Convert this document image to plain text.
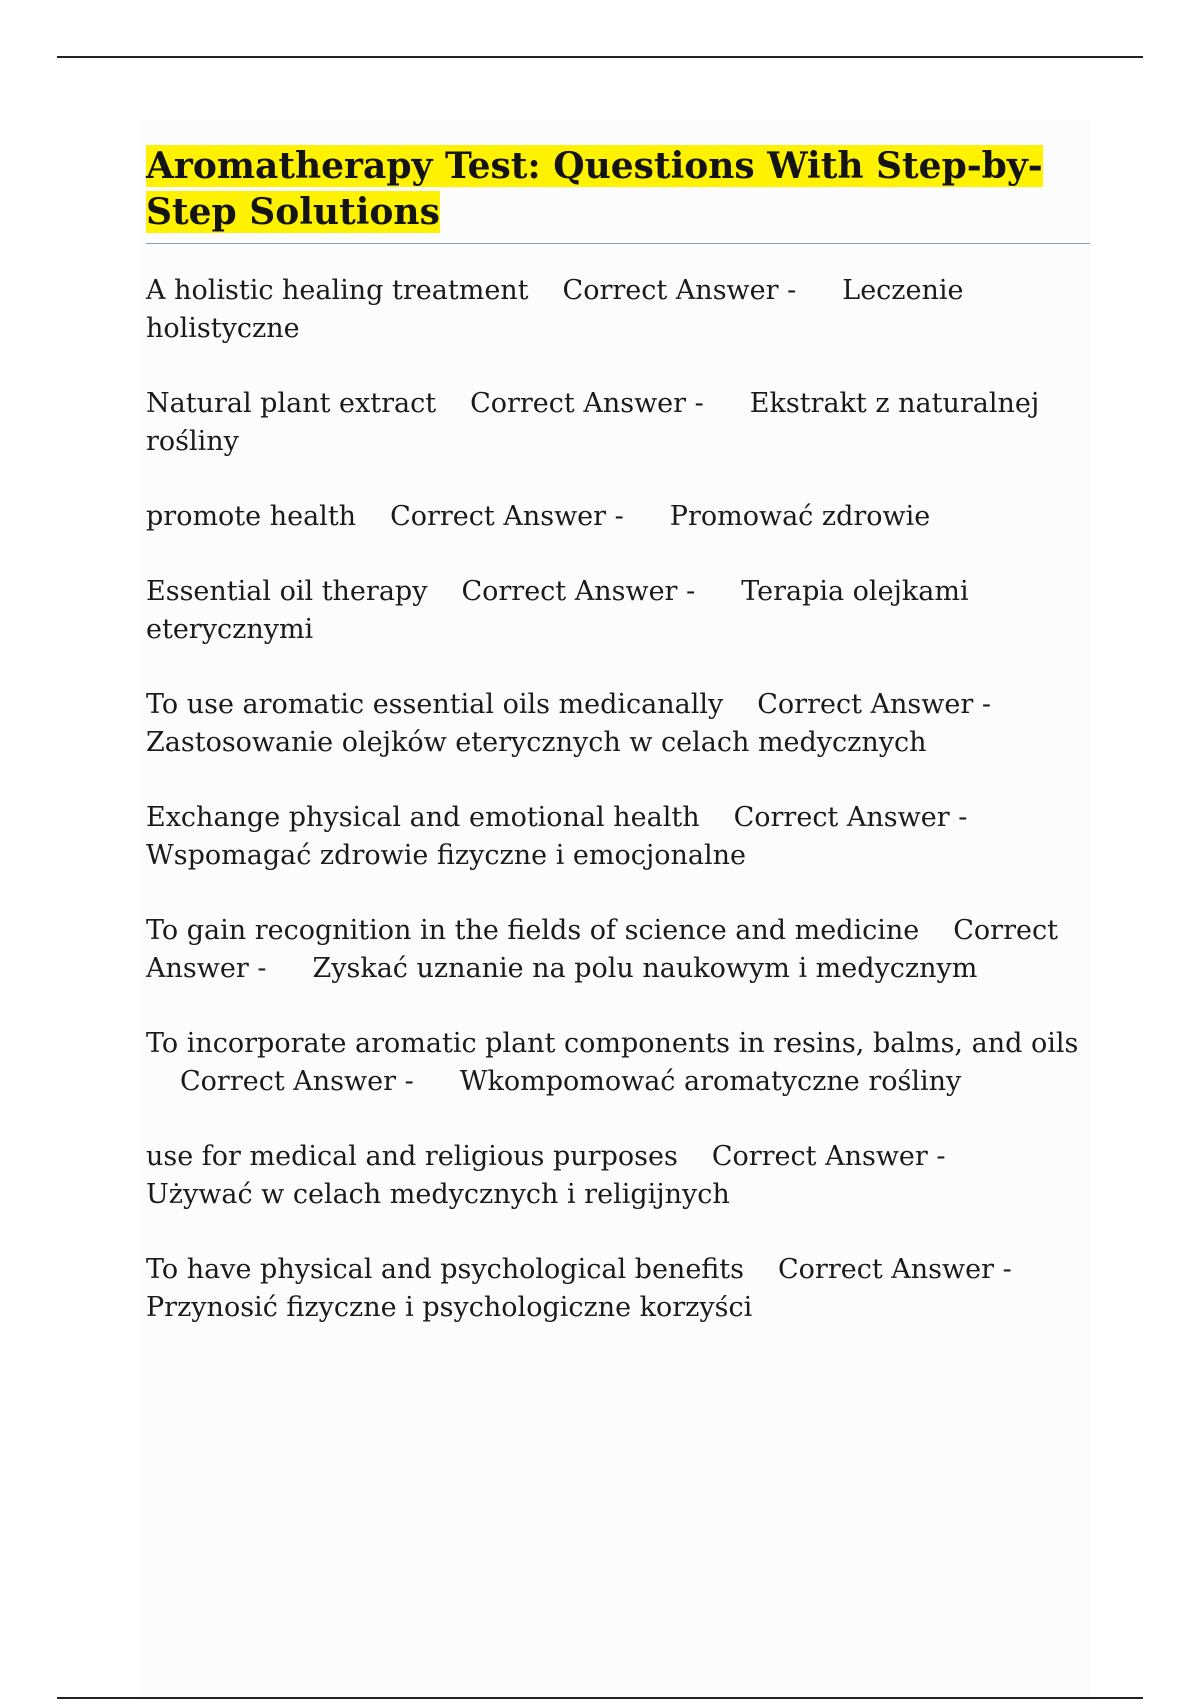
Aromatherapy Test: Questions With Step-by-Step Solutions
A holistic healing treatment Correct Answer - Leczenie holistyczne
Natural plant extract Correct Answer - Ekstrakt z naturalnej rośliny
promote health Correct Answer - Promować zdrowie
Essential oil therapy Correct Answer - Terapia olejkami eterycznymi
To use aromatic essential oils medicanally Correct Answer -Zastosowanie olejków eterycznych w celach medycznych
Exchange physical and emotional health Correct Answer -Wspomagać zdrowie fizyczne i emocjonalne
To gain recognition in the fields of science and medicine Correct Answer - Zyskać uznanie na polu naukowym i medycznym
To incorporate aromatic plant components in resins, balms, and oilsCorrect Answer - Wkompomować aromatyczne rośliny
use for medical and religious purposes Correct Answer -Używać w celach medycznych i religijnych
To have physical and psychological benefits Correct Answer -Przynosić fizyczne i psychologiczne korzyści
